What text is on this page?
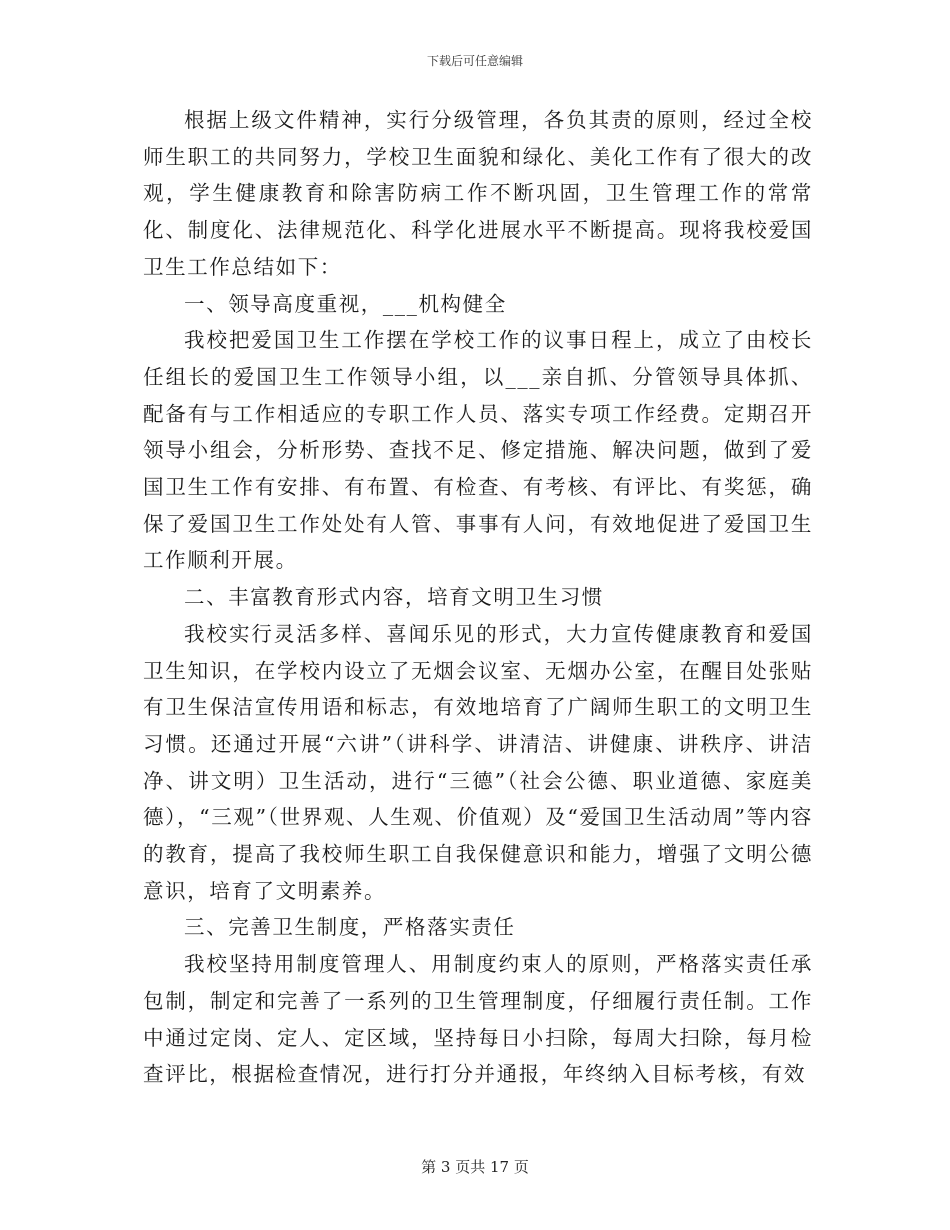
下载后可任意编辑

根据上级文件精神，实行分级管理，各负其责的原则，经过全校师生职工的共同努力，学校卫生面貌和绿化、美化工作有了很大的改观，学生健康教育和除害防病工作不断巩固，卫生管理工作的常常化、制度化、法律规范化、科学化进展水平不断提高。现将我校爱国卫生工作总结如下：

一、领导高度重视，___机构健全

我校把爱国卫生工作摆在学校工作的议事日程上，成立了由校长任组长的爱国卫生工作领导小组，以___亲自抓、分管领导具体抓、配备有与工作相适应的专职工作人员、落实专项工作经费。定期召开领导小组会，分析形势、查找不足、修定措施、解决问题，做到了爱国卫生工作有安排、有布置、有检查、有考核、有评比、有奖惩，确保了爱国卫生工作处处有人管、事事有人问，有效地促进了爱国卫生工作顺利开展。

二、丰富教育形式内容，培育文明卫生习惯

我校实行灵活多样、喜闻乐见的形式，大力宣传健康教育和爱国卫生知识，在学校内设立了无烟会议室、无烟办公室，在醒目处张贴有卫生保洁宣传用语和标志，有效地培育了广阔师生职工的文明卫生习惯。还通过开展“六讲”（讲科学、讲清洁、讲健康、讲秩序、讲洁净、讲文明）卫生活动，进行“三德”（社会公德、职业道德、家庭美德），“三观”（世界观、人生观、价值观）及“爱国卫生活动周”等内容的教育，提高了我校师生职工自我保健意识和能力，增强了文明公德意识，培育了文明素养。

三、完善卫生制度，严格落实责任

我校坚持用制度管理人、用制度约束人的原则，严格落实责任承包制，制定和完善了一系列的卫生管理制度，仔细履行责任制。工作中通过定岗、定人、定区域，坚持每日小扫除，每周大扫除，每月检查评比，根据检查情况，进行打分并通报，年终纳入目标考核，有效

第 3 页共 17 页
